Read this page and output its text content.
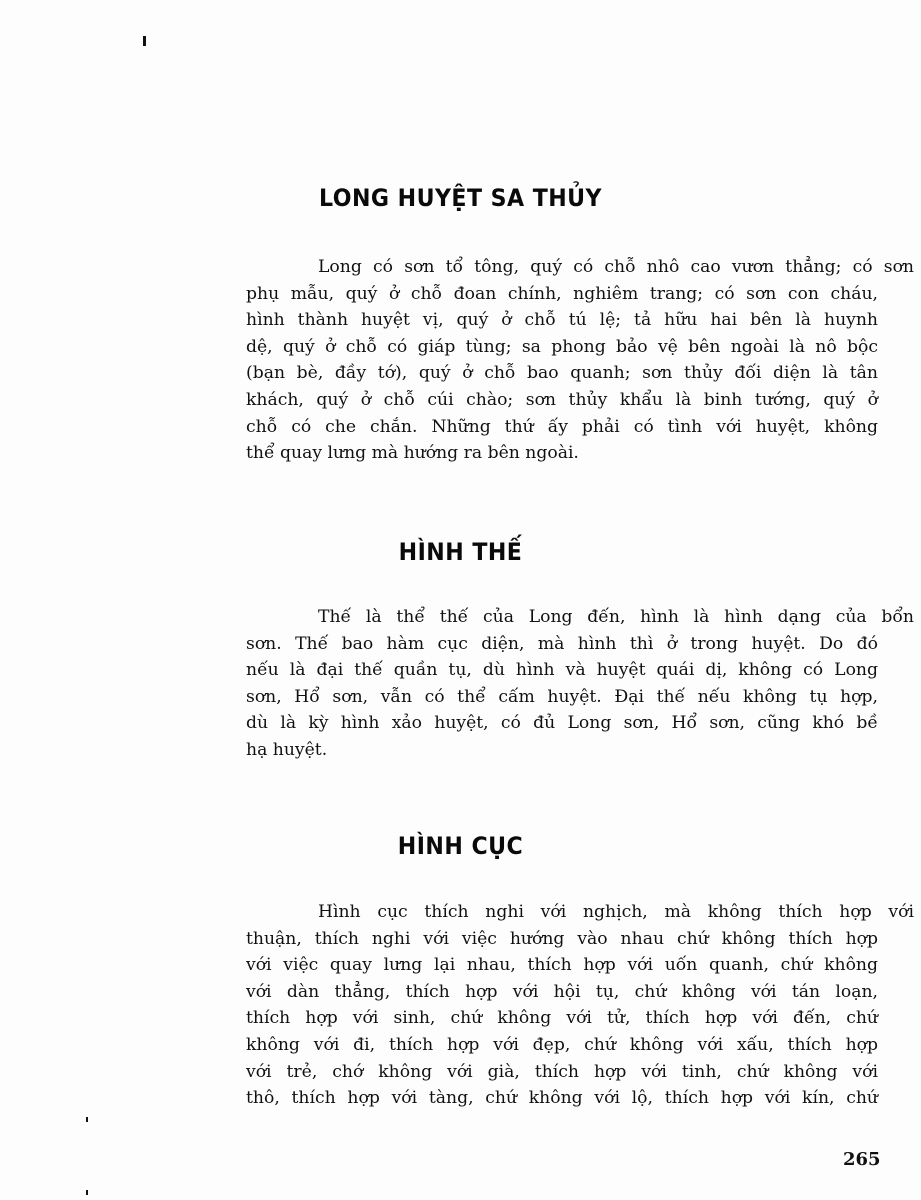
LONG HUYỆT SA THỦY
Long có sơn tổ tông, quý có chỗ nhô cao vươn thẳng; có sơn
phụ mẫu, quý ở chỗ đoan chính, nghiêm trang; có sơn con cháu,
hình thành huyệt vị, quý ở chỗ tú lệ; tả hữu hai bên là huynh
dệ, quý ở chỗ có giáp tùng; sa phong bảo vệ bên ngoài là nô bộc
(bạn bè, đầy tớ), quý ở chỗ bao quanh; sơn thủy đối diện là tân
khách, quý ở chỗ cúi chào; sơn thủy khẩu là binh tướng, quý ở
chỗ có che chắn. Những thứ ấy phải có tình với huyệt, không
thể quay lưng mà hướng ra bên ngoài.
HÌNH THẾ
Thế là thể thế của Long đến, hình là hình dạng của bổn
sơn. Thế bao hàm cục diện, mà hình thì ở trong huyệt. Do đó
nếu là đại thế quần tụ, dù hình và huyệt quái dị, không có Long
sơn, Hổ sơn, vẫn có thể cấm huyệt. Đại thế nếu không tụ hợp,
dù là kỳ hình xảo huyệt, có đủ Long sơn, Hổ sơn, cũng khó bề
hạ huyệt.
HÌNH CỤC
Hình cục thích nghi với nghịch, mà không thích hợp với
thuận, thích nghi với việc hướng vào nhau chứ không thích hợp
với việc quay lưng lại nhau, thích hợp với uốn quanh, chứ không
với dàn thẳng, thích hợp với hội tụ, chứ không với tán loạn,
thích hợp với sinh, chứ không với tử, thích hợp với đến, chứ
không với đi, thích hợp với đẹp, chứ không với xấu, thích hợp
với trẻ, chớ không với già, thích hợp với tinh, chứ không với
thô, thích hợp với tàng, chứ không với lộ, thích hợp với kín, chứ
265
